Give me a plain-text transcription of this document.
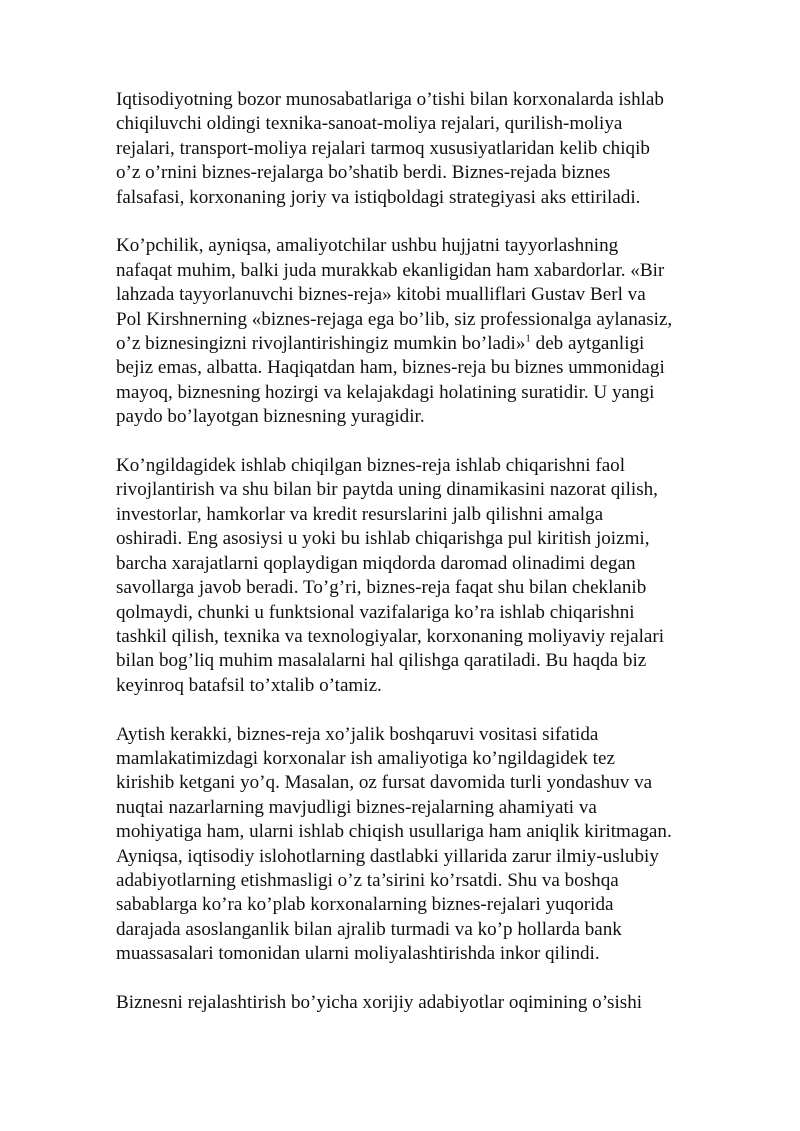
Iqtisodiyotning bozor munosabatlariga o’tishi bilan korxonalarda ishlab
chiqiluvchi oldingi texnika-sanoat-moliya rejalari, qurilish-moliya
rejalari, transport-moliya rejalari tarmoq xususiyatlaridan kelib chiqib
o’z o’rnini biznes-rejalarga bo’shatib berdi. Biznes-rejada biznes
falsafasi, korxonaning joriy va istiqboldagi strategiyasi aks ettiriladi.

Ko’pchilik, ayniqsa, amaliyotchilar ushbu hujjatni tayyorlashning
nafaqat muhim, balki juda murakkab ekanligidan ham xabardorlar. «Bir
lahzada tayyorlanuvchi biznes-reja» kitobi mualliflari Gustav Berl va
Pol Kirshnerning «biznes-rejaga ega bo’lib, siz professionalga aylanasiz,
o’z biznesingizni rivojlantirishingiz mumkin bo’ladi»$^1$ deb aytganligi
bejiz emas, albatta. Haqiqatdan ham, biznes-reja bu biznes ummonidagi
mayoq, biznesning hozirgi va kelajakdagi holatining suratidir. U yangi
paydo bo’layotgan biznesning yuragidir.

Ko’ngildagidek ishlab chiqilgan biznes-reja ishlab chiqarishni faol
rivojlantirish va shu bilan bir paytda uning dinamikasini nazorat qilish,
investorlar, hamkorlar va kredit resurslarini jalb qilishni amalga
oshiradi. Eng asosiysi u yoki bu ishlab chiqarishga pul kiritish joizmi,
barcha xarajatlarni qoplaydigan miqdorda daromad olinadimi degan
savollarga javob beradi. To’g’ri, biznes-reja faqat shu bilan cheklanib
qolmaydi, chunki u funktsional vazifalariga ko’ra ishlab chiqarishni
tashkil qilish, texnika va texnologiyalar, korxonaning moliyaviy rejalari
bilan bog’liq muhim masalalarni hal qilishga qaratiladi. Bu haqda biz
keyinroq batafsil to’xtalib o’tamiz.

Aytish kerakki, biznes-reja xo’jalik boshqaruvi vositasi sifatida
mamlakatimizdagi korxonalar ish amaliyotiga ko’ngildagidek tez
kirishib ketgani yo’q. Masalan, oz fursat davomida turli yondashuv va
nuqtai nazarlarning mavjudligi biznes-rejalarning ahamiyati va
mohiyatiga ham, ularni ishlab chiqish usullariga ham aniqlik kiritmagan.
Ayniqsa, iqtisodiy islohotlarning dastlabki yillarida zarur ilmiy-uslubiy
adabiyotlarning etishmasligi o’z ta’sirini ko’rsatdi. Shu va boshqa
sabablarga ko’ra ko’plab korxonalarning biznes-rejalari yuqorida
darajada asoslanganlik bilan ajralib turmadi va ko’p hollarda bank
muassasalari tomonidan ularni moliyalashtirishda inkor qilindi.

Biznesni rejalashtirish bo’yicha xorijiy adabiyotlar oqimining o’sishi
